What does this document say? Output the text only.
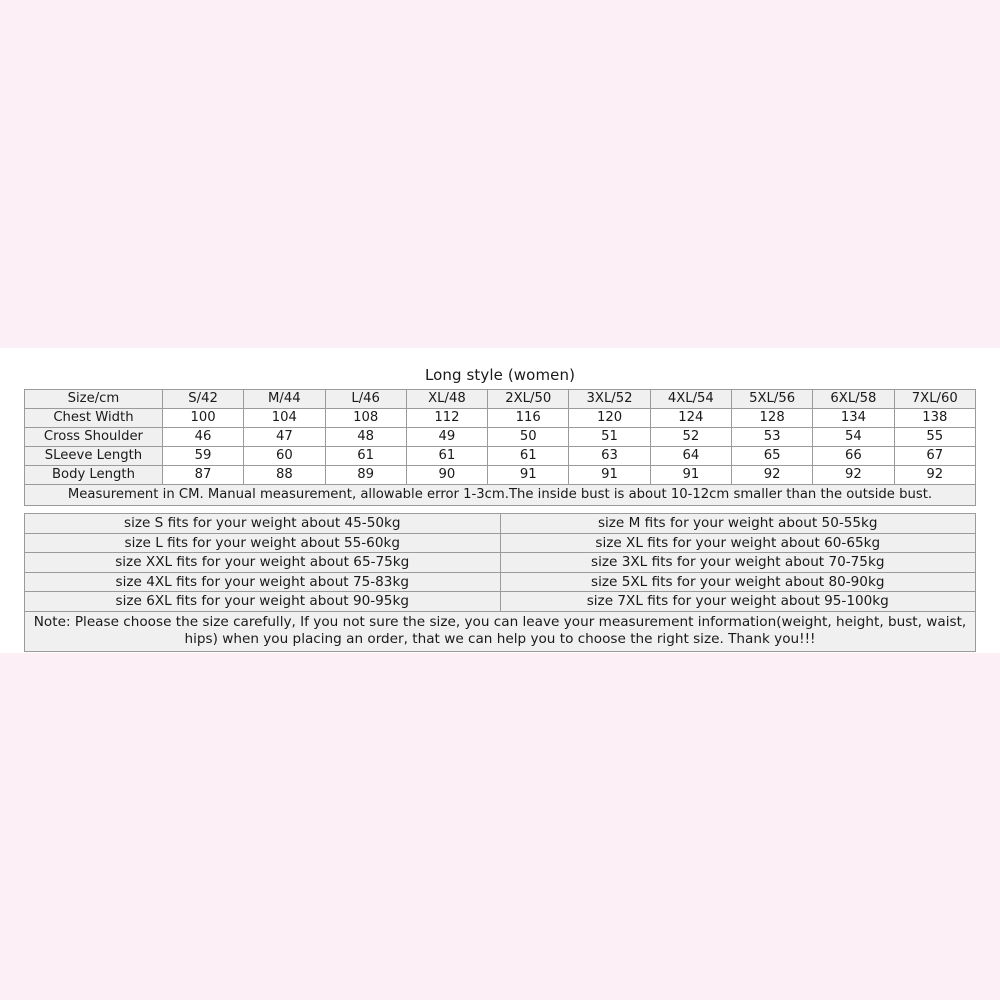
Long style (women)
Size/cm	S/42	M/44	L/46	XL/48	2XL/50	3XL/52	4XL/54	5XL/56	6XL/58	7XL/60
Chest Width	100	104	108	112	116	120	124	128	134	138
Cross Shoulder	46	47	48	49	50	51	52	53	54	55
SLeeve Length	59	60	61	61	61	63	64	65	66	67
Body Length	87	88	89	90	91	91	91	92	92	92
Measurement in CM. Manual measurement, allowable error 1-3cm.The inside bust is about 10-12cm smaller than the outside bust.										
size S fits for your weight about 45-50kg	size M fits for your weight about 50-55kg
size L fits for your weight about 55-60kg	size XL fits for your weight about 60-65kg
size XXL fits for your weight about 65-75kg	size 3XL fits for your weight about 70-75kg
size 4XL fits for your weight about 75-83kg	size 5XL fits for your weight about 80-90kg
size 6XL fits for your weight about 90-95kg	size 7XL fits for your weight about 95-100kg
Note: Please choose the size carefully, If you not sure the size, you can leave your measurement information(weight, height, bust, waist, hips) when you placing an order, that we can help you to choose the right size. Thank you!!!	
